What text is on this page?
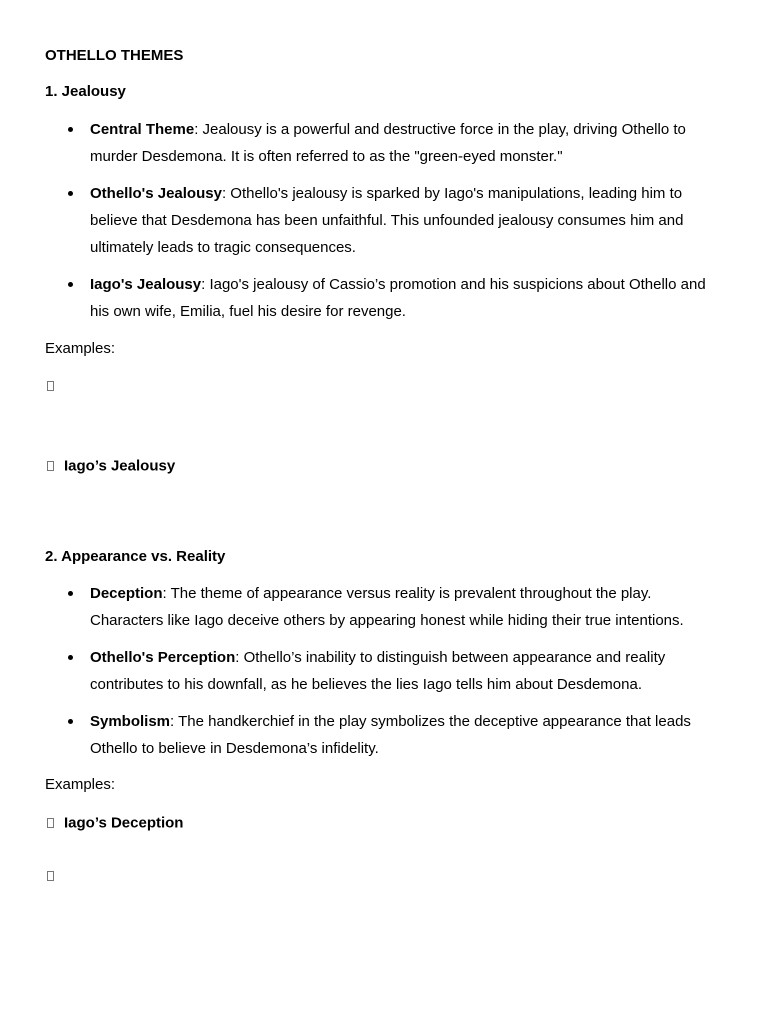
OTHELLO THEMES

1. Jealousy

Central Theme: Jealousy is a powerful and destructive force in the play, driving Othello to murder Desdemona. It is often referred to as the "green-eyed monster."
Othello's Jealousy: Othello's jealousy is sparked by Iago's manipulations, leading him to believe that Desdemona has been unfaithful. This unfounded jealousy consumes him and ultimately leads to tragic consequences.
Iago's Jealousy: Iago's jealousy of Cassio’s promotion and his suspicions about Othello and his own wife, Emilia, fuel his desire for revenge.

Examples:

Iago’s Jealousy

2. Appearance vs. Reality

Deception: The theme of appearance versus reality is prevalent throughout the play. Characters like Iago deceive others by appearing honest while hiding their true intentions.
Othello's Perception: Othello’s inability to distinguish between appearance and reality contributes to his downfall, as he believes the lies Iago tells him about Desdemona.
Symbolism: The handkerchief in the play symbolizes the deceptive appearance that leads Othello to believe in Desdemona’s infidelity.

Examples:

Iago’s Deception
